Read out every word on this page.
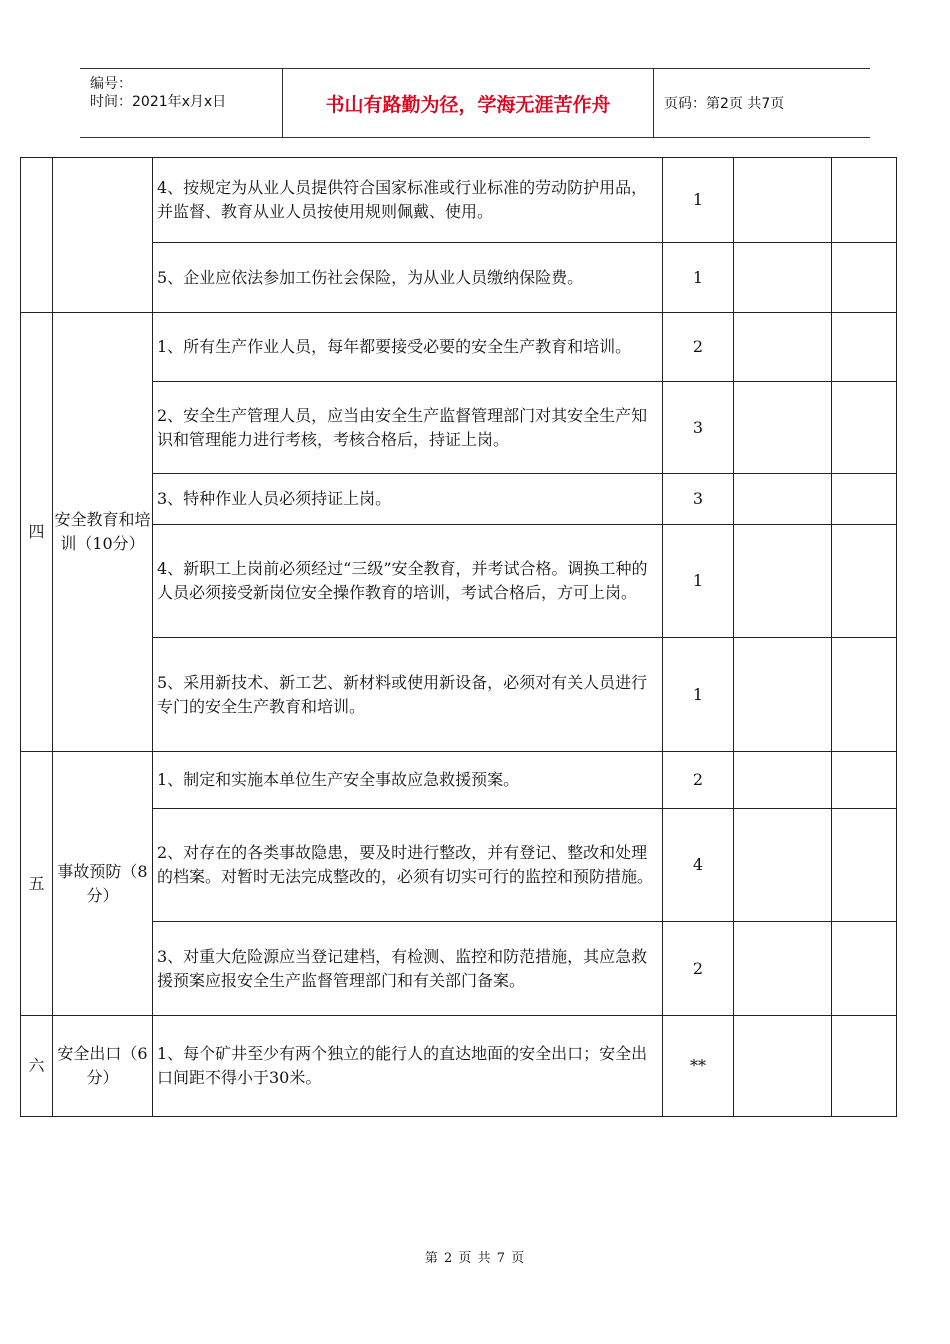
编号：
时间：2021年x月x日	书山有路勤为径，学海无涯苦作舟	页码：第2页 共7页
		4、按规定为从业人员提供符合国家标准或行业标准的劳动防护用品，并监督、教育从业人员按使用规则佩戴、使用。	1		
		5、企业应依法参加工伤社会保险，为从业人员缴纳保险费。	1		
四	安全教育和培训（10分）	1、所有生产作业人员，每年都要接受必要的安全生产教育和培训。	2		
		2、安全生产管理人员，应当由安全生产监督管理部门对其安全生产知识和管理能力进行考核，考核合格后，持证上岗。	3		
		3、特种作业人员必须持证上岗。	3		
		4、新职工上岗前必须经过“三级”安全教育，并考试合格。调换工种的人员必须接受新岗位安全操作教育的培训，考试合格后，方可上岗。	1		
		5、采用新技术、新工艺、新材料或使用新设备，必须对有关人员进行专门的安全生产教育和培训。	1		
五	事故预防（8分）	1、制定和实施本单位生产安全事故应急救援预案。	2		
		2、对存在的各类事故隐患，要及时进行整改，并有登记、整改和处理的档案。对暂时无法完成整改的，必须有切实可行的监控和预防措施。	4		
		3、对重大危险源应当登记建档，有检测、监控和防范措施，其应急救援预案应报安全生产监督管理部门和有关部门备案。	2		
六	安全出口（6分）	1、每个矿井至少有两个独立的能行人的直达地面的安全出口；安全出口间距不得小于30米。	**		
第 2 页 共 7 页
